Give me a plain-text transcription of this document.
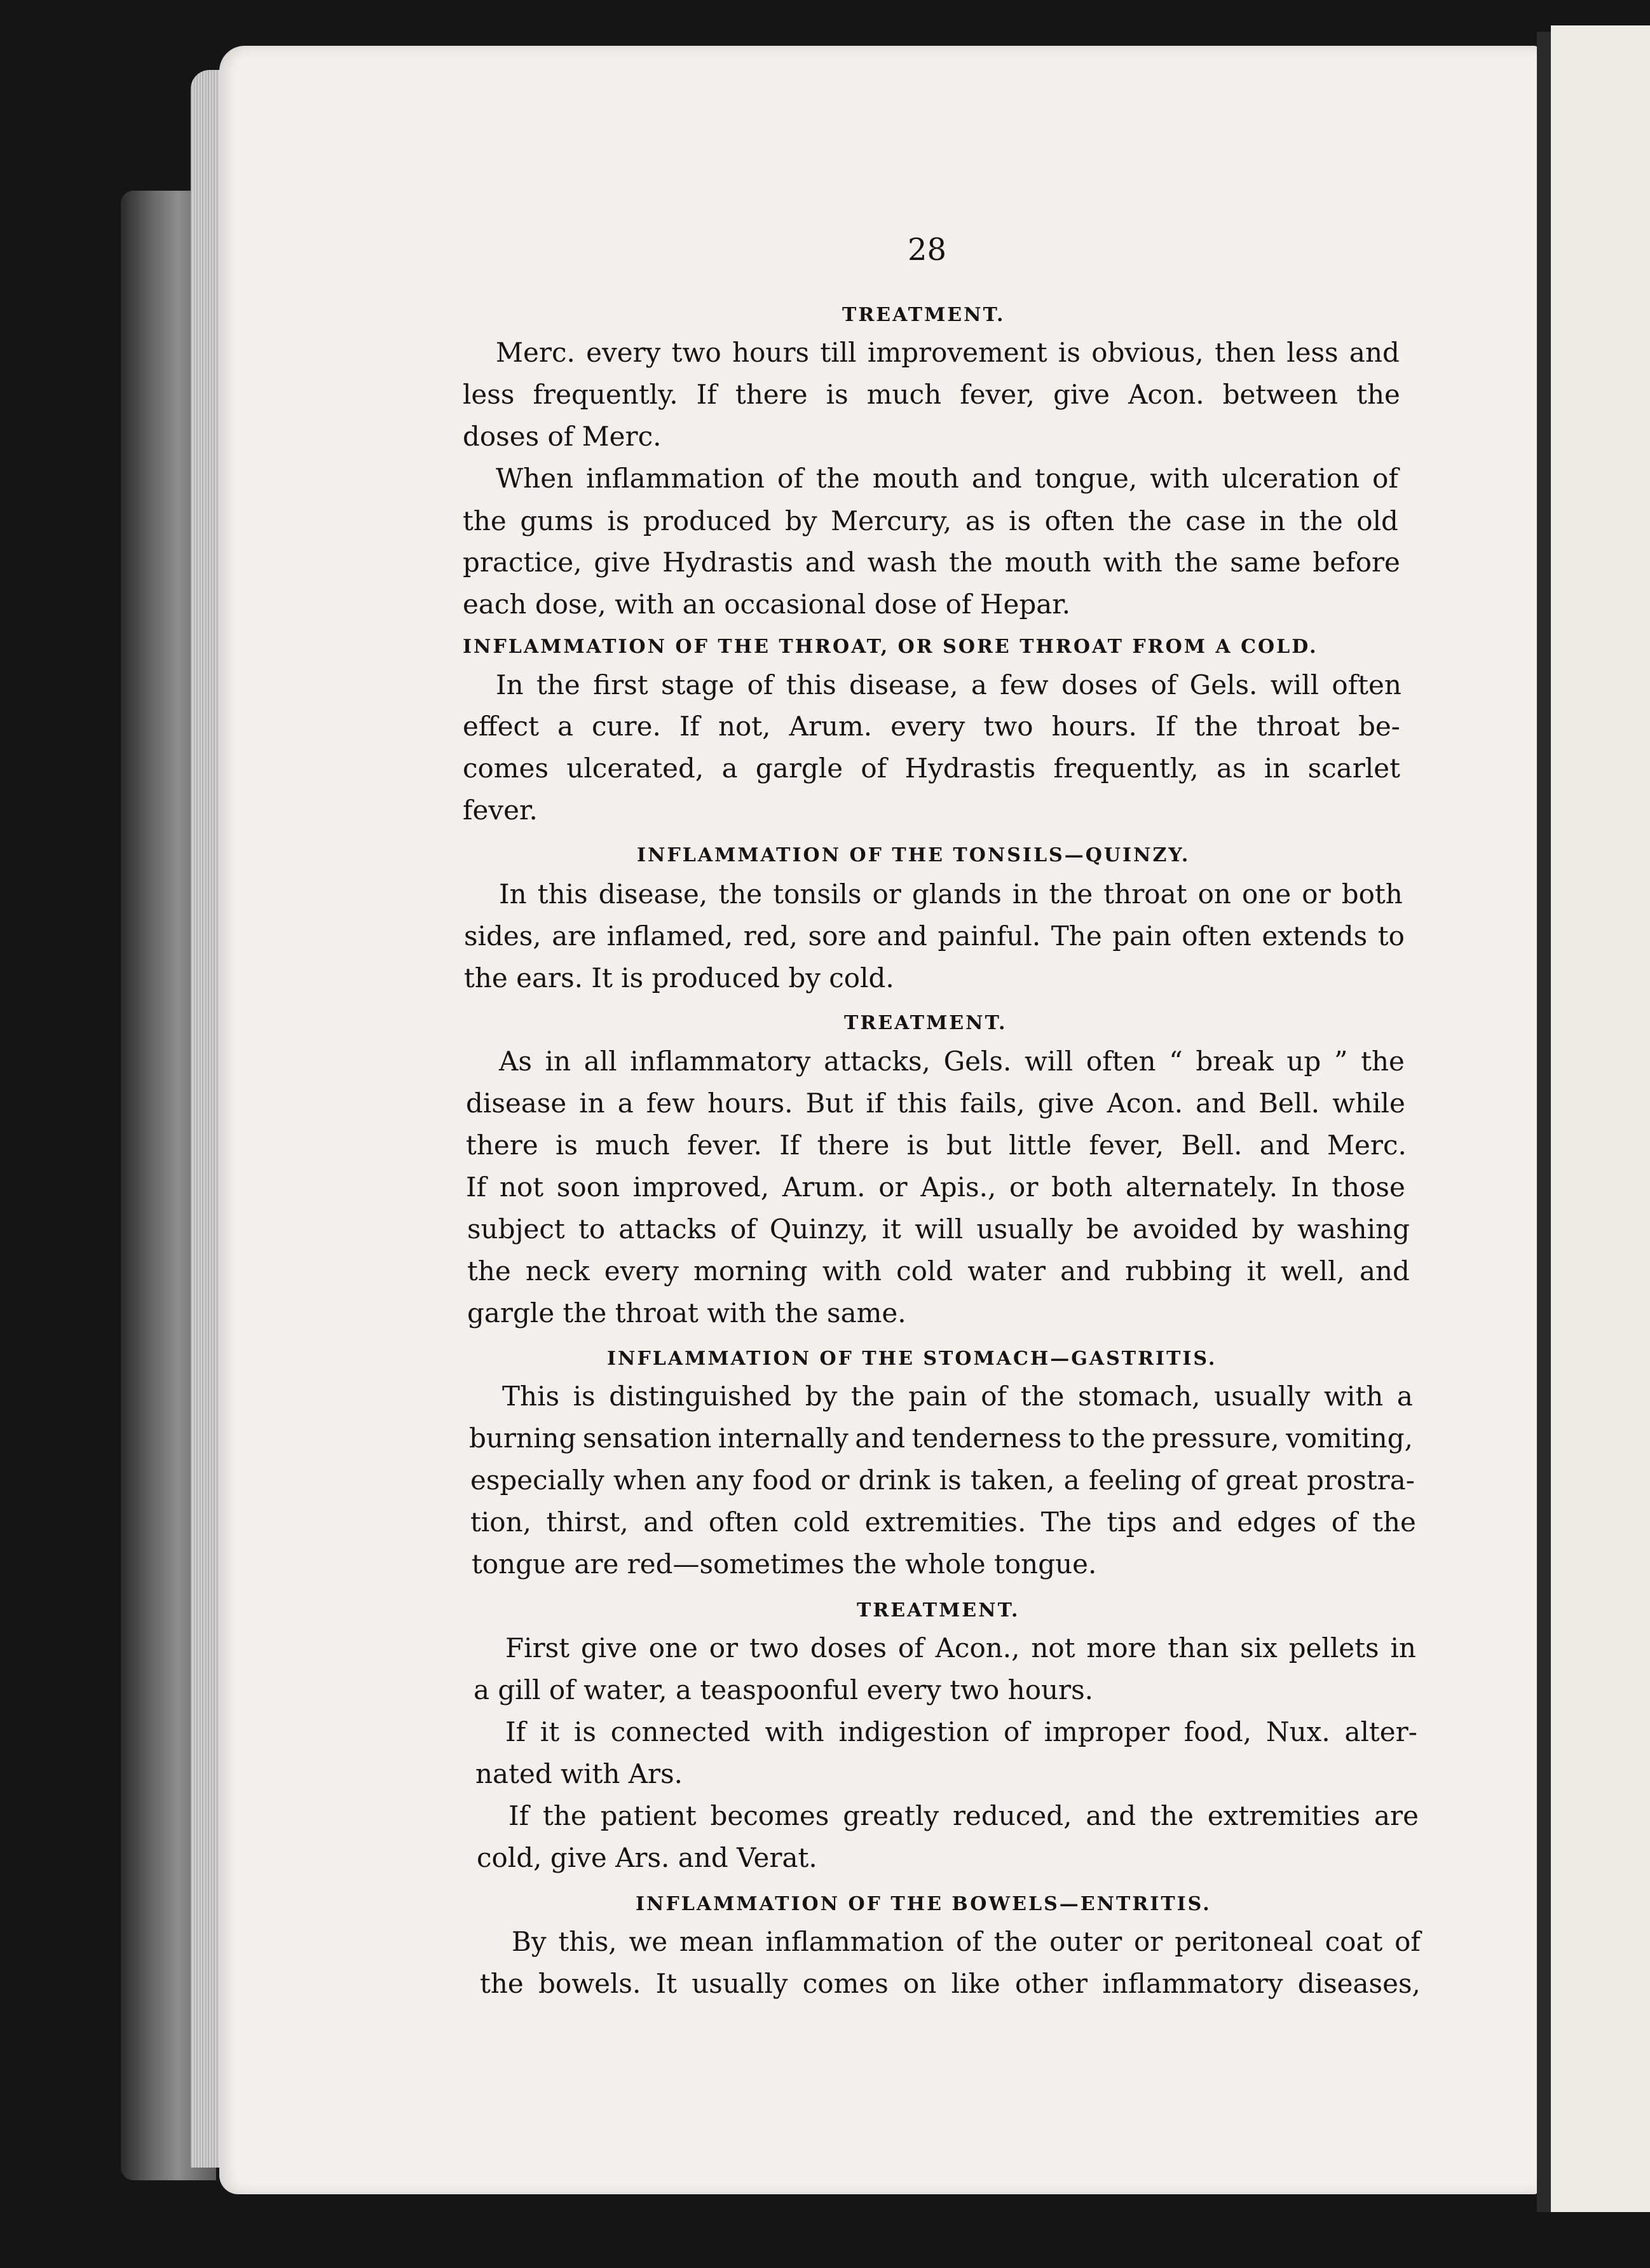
28
TREATMENT.
Merc. every two hours till improvement is obvious, then less and
less frequently. If there is much fever, give Acon. between the
doses of Merc.
When inflammation of the mouth and tongue, with ulceration of
the gums is produced by Mercury, as is often the case in the old
practice, give Hydrastis and wash the mouth with the same before
each dose, with an occasional dose of Hepar.
INFLAMMATION OF THE THROAT, OR SORE THROAT FROM A COLD.
In the first stage of this disease, a few doses of Gels. will often
effect a cure. If not, Arum. every two hours. If the throat be-
comes ulcerated, a gargle of Hydrastis frequently, as in scarlet
fever.
INFLAMMATION OF THE TONSILS—QUINZY.
In this disease, the tonsils or glands in the throat on one or both
sides, are inflamed, red, sore and painful. The pain often extends to
the ears. It is produced by cold.
TREATMENT.
As in all inflammatory attacks, Gels. will often “ break up ” the
disease in a few hours. But if this fails, give Acon. and Bell. while
there is much fever. If there is but little fever, Bell. and Merc.
If not soon improved, Arum. or Apis., or both alternately. In those
subject to attacks of Quinzy, it will usually be avoided by washing
the neck every morning with cold water and rubbing it well, and
gargle the throat with the same.
INFLAMMATION OF THE STOMACH—GASTRITIS.
This is distinguished by the pain of the stomach, usually with a
burning sensation internally and tenderness to the pressure, vomiting,
especially when any food or drink is taken, a feeling of great prostra-
tion, thirst, and often cold extremities. The tips and edges of the
tongue are red—sometimes the whole tongue.
TREATMENT.
First give one or two doses of Acon., not more than six pellets in
a gill of water, a teaspoonful every two hours.
If it is connected with indigestion of improper food, Nux. alter-
nated with Ars.
If the patient becomes greatly reduced, and the extremities are
cold, give Ars. and Verat.
INFLAMMATION OF THE BOWELS—ENTRITIS.
By this, we mean inflammation of the outer or peritoneal coat of
the bowels. It usually comes on like other inflammatory diseases,
